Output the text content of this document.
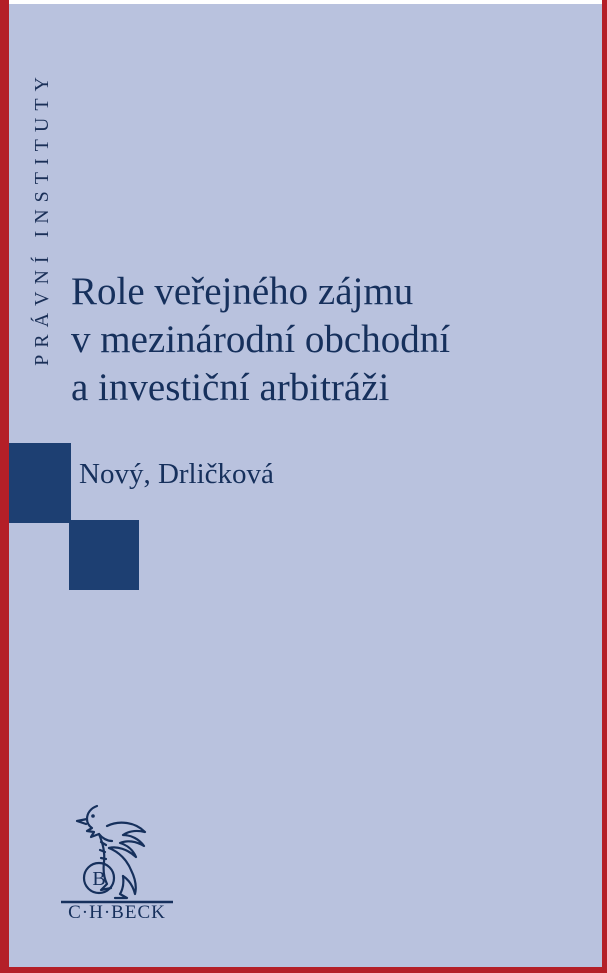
PRÁVNÍ INSTITUTY Role veřejného zájmu
v mezinárodní obchodní
a investiční arbitráži
Nový, Drličková
B
C·H·BECK
